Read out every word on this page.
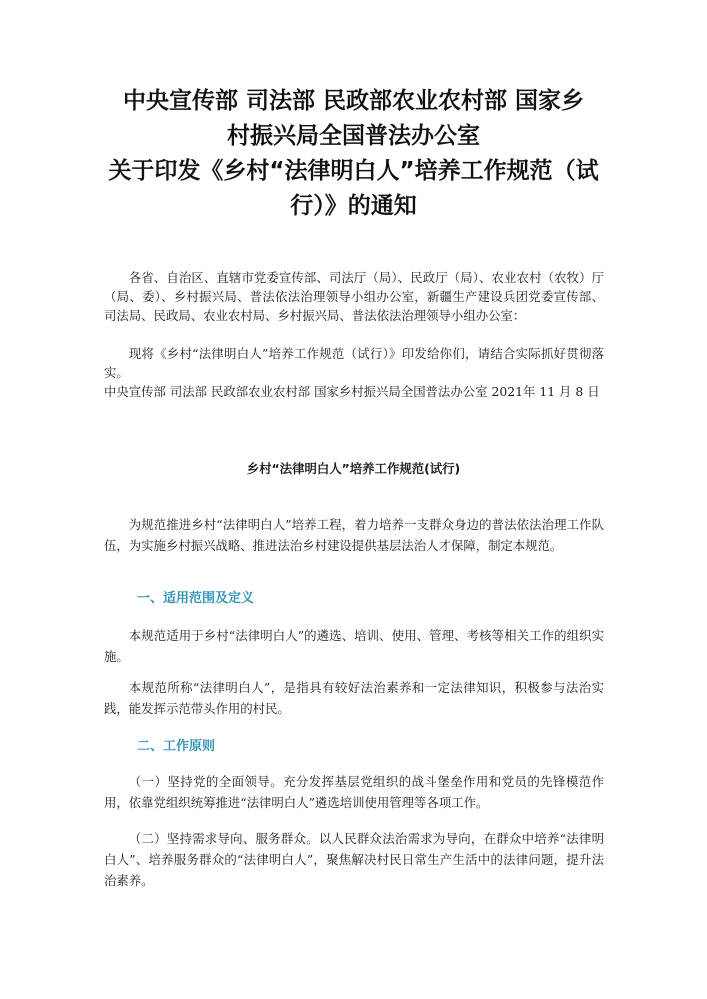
中央宣传部 司法部 民政部农业农村部 国家乡
村振兴局全国普法办公室
关于印发《乡村“法律明白人”培养工作规范（试
行）》的通知

各省、自治区、直辖市党委宣传部、司法厅（局）、民政厅（局）、农业农村（农牧）厅（局、委）、乡村振兴局、普法依法治理领导小组办公室，新疆生产建设兵团党委宣传部、司法局、民政局、农业农村局、乡村振兴局、普法依法治理领导小组办公室：

现将《乡村“法律明白人”培养工作规范（试行）》印发给你们，请结合实际抓好贯彻落实。

中央宣传部 司法部 民政部农业农村部 国家乡村振兴局全国普法办公室 2021年 11 月 8 日

乡村“法律明白人”培养工作规范(试行)

为规范推进乡村“法律明白人”培养工程，着力培养一支群众身边的普法依法治理工作队伍，为实施乡村振兴战略、推进法治乡村建设提供基层法治人才保障，制定本规范。

一、适用范围及定义

本规范适用于乡村“法律明白人”的遴选、培训、使用、管理、考核等相关工作的组织实施。

本规范所称“法律明白人”，是指具有较好法治素养和一定法律知识，积极参与法治实践，能发挥示范带头作用的村民。

二、工作原则

（一）坚持党的全面领导。充分发挥基层党组织的战斗堡垒作用和党员的先锋模范作用，依靠党组织统筹推进“法律明白人”遴选培训使用管理等各项工作。

（二）坚持需求导向、服务群众。以人民群众法治需求为导向，在群众中培养“法律明白人”、培养服务群众的“法律明白人”，聚焦解决村民日常生产生活中的法律问题，提升法治素养。
